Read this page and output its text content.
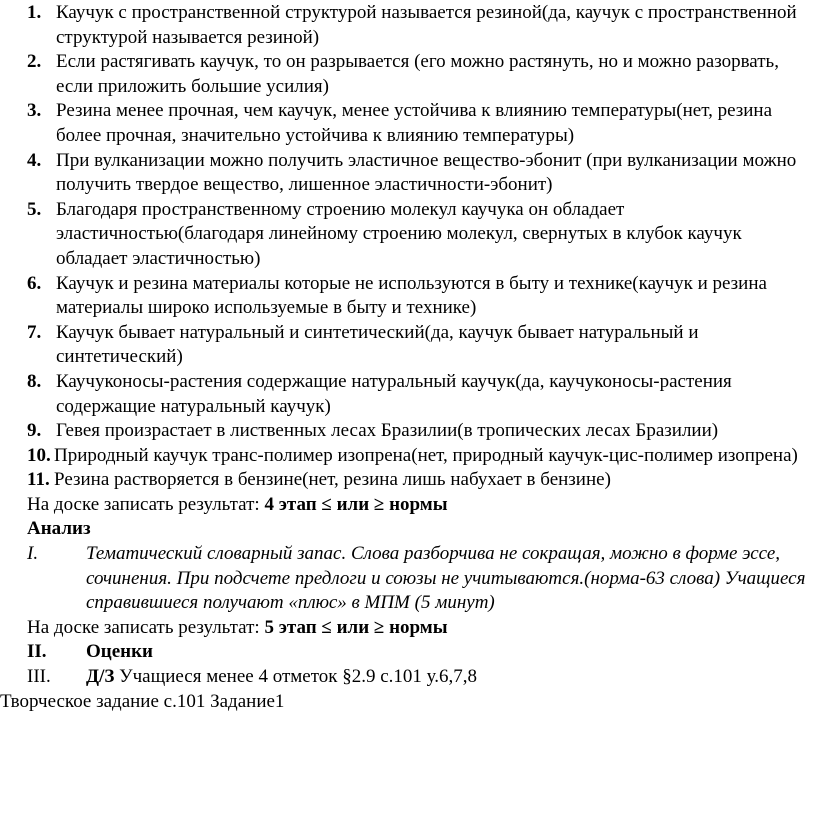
1. Каучук с пространственной структурой называется резиной(да, каучук с пространственной структурой называется резиной)
2. Если растягивать каучук, то он разрывается (его можно растянуть, но и можно разорвать, если приложить большие усилия)
3. Резина менее прочная, чем каучук, менее устойчива к влиянию температуры(нет, резина более прочная, значительно устойчива к влиянию температуры)
4. При вулканизации можно получить эластичное вещество-эбонит (при вулканизации можно получить твердое вещество, лишенное эластичности-эбонит)
5. Благодаря пространственному строению молекул каучука он обладает эластичностью(благодаря линейному строению молекул, свернутых в клубок каучук обладает эластичностью)
6. Каучук и резина материалы которые не используются в быту и технике(каучук и резина материалы широко используемые в быту и технике)
7. Каучук бывает натуральный и синтетический(да, каучук бывает натуральный и синтетический)
8. Каучуконосы-растения содержащие натуральный каучук(да, каучуконосы-растения содержащие натуральный каучук)
9. Гевея произрастает в лиственных лесах Бразилии(в тропических лесах Бразилии)
10. Природный каучук транс-полимер изопрена(нет, природный каучук-цис-полимер изопрена)
11. Резина растворяется в бензине(нет, резина лишь набухает в бензине)
На доске записать результат: 4 этап ≤ или ≥ нормы
Анализ
I.	Тематический словарный запас. Слова разборчива не сокращая, можно в форме эссе, сочинения. При подсчете предлоги и союзы не учитываются.(норма-63 слова) Учащиеся справившиеся получают «плюс» в МПМ (5 минут)
На доске записать результат: 5 этап ≤ или ≥ нормы
II. Оценки
III. Д/З Учащиеся менее 4 отметок §2.9 с.101 у.6,7,8
Творческое задание с.101 Задание1
